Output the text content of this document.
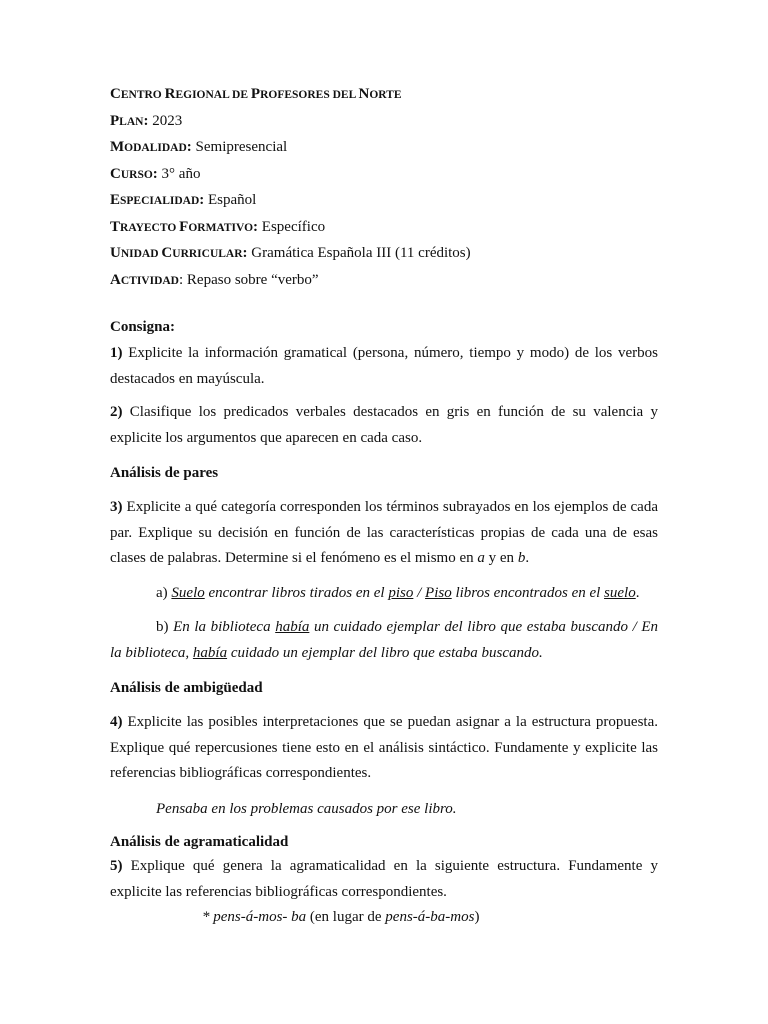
CENTRO REGIONAL DE PROFESORES DEL NORTE
PLAN: 2023
MODALIDAD: Semipresencial
CURSO: 3° año
ESPECIALIDAD: Español
TRAYECTO FORMATIVO: Específico
UNIDAD CURRICULAR: Gramática Española III (11 créditos)
ACTIVIDAD: Repaso sobre “verbo”
Consigna:

1) Explicite la información gramatical (persona, número, tiempo y modo) de los verbos destacados en mayúscula.

2) Clasifique los predicados verbales destacados en gris en función de su valencia y explicite los argumentos que aparecen en cada caso.

Análisis de pares

3) Explicite a qué categoría corresponden los términos subrayados en los ejemplos de cada par. Explique su decisión en función de las características propias de cada una de esas clases de palabras. Determine si el fenómeno es el mismo en a y en b.

a) Suelo encontrar libros tirados en el piso / Piso libros encontrados en el suelo.

b) En la biblioteca había un cuidado ejemplar del libro que estaba buscando / En la biblioteca, había cuidado un ejemplar del libro que estaba buscando.

Análisis de ambigüedad

4) Explicite las posibles interpretaciones que se puedan asignar a la estructura propuesta. Explique qué repercusiones tiene esto en el análisis sintáctico. Fundamente y explicite las referencias bibliográficas correspondientes.

Pensaba en los problemas causados por ese libro.

Análisis de agramaticalidad

5) Explique qué genera la agramaticalidad en la siguiente estructura. Fundamente y explicite las referencias bibliográficas correspondientes.

* pens-á-mos- ba (en lugar de pens-á-ba-mos)
